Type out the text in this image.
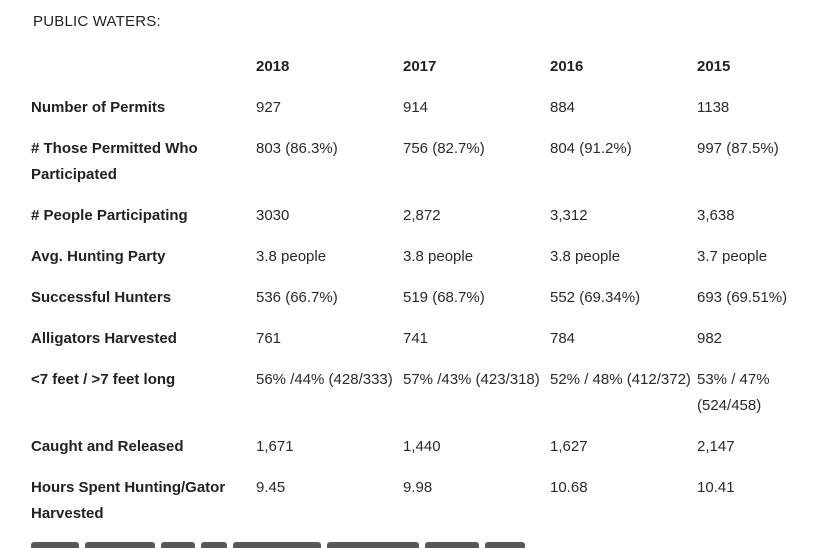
PUBLIC WATERS:
	2018	2017	2016	2015
Number of Permits	927	914	884	1138
# Those Permitted Who Participated	803 (86.3%)	756 (82.7%)	804 (91.2%)	997 (87.5%)
# People Participating	3030	2,872	3,312	3,638
Avg. Hunting Party	3.8 people	3.8 people	3.8 people	3.7 people
Successful Hunters	536 (66.7%)	519 (68.7%)	552 (69.34%)	693 (69.51%)
Alligators Harvested	761	741	784	982
<7 feet / >7 feet long	56% /44% (428/333)	57% /43% (423/318)	52% / 48% (412/372)	53% / 47% (524/458)
Caught and Released	1,671	1,440	1,627	2,147
Hours Spent Hunting/Gator Harvested	9.45	9.98	10.68	10.41
